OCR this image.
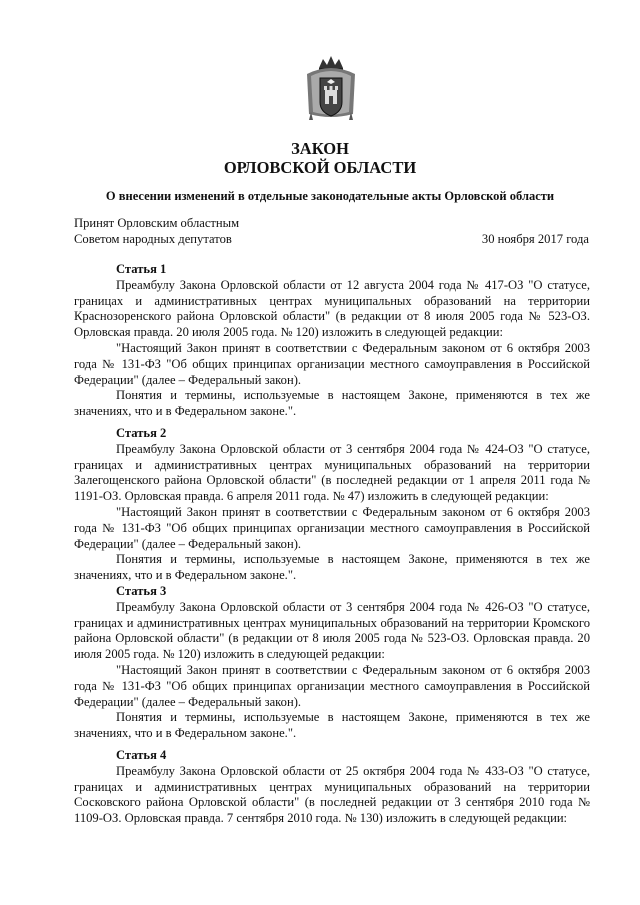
ЗАКОН
ОРЛОВСКОЙ ОБЛАСТИ
О внесении изменений в отдельные законодательные акты Орловской области
Принят Орловским областным
Советом народных депутатов	30 ноября 2017 года
Статья 1

Преамбулу Закона Орловской области от 12 августа 2004 года № 417-ОЗ "О статусе, границах и административных центрах муниципальных образований на территории Краснозоренского района Орловской области" (в редакции от 8 июля 2005 года № 523-ОЗ. Орловская правда. 20 июля 2005 года. № 120) изложить в следующей редакции:

"Настоящий Закон принят в соответствии с Федеральным законом от 6 октября 2003 года № 131-ФЗ "Об общих принципах организации местного самоуправления в Российской Федерации" (далее – Федеральный закон).

Понятия и термины, используемые в настоящем Законе, применяются в тех же значениях, что и в Федеральном законе.".

Статья 2

Преамбулу Закона Орловской области от 3 сентября 2004 года № 424-ОЗ "О статусе, границах и административных центрах муниципальных образований на территории Залегощенского района Орловской области" (в последней редакции от 1 апреля 2011 года № 1191-ОЗ. Орловская правда. 6 апреля 2011 года. № 47) изложить в следующей редакции:

"Настоящий Закон принят в соответствии с Федеральным законом от 6 октября 2003 года № 131-ФЗ "Об общих принципах организации местного самоуправления в Российской Федерации" (далее – Федеральный закон).

Понятия и термины, используемые в настоящем Законе, применяются в тех же значениях, что и в Федеральном законе.".

Статья 3

Преамбулу Закона Орловской области от 3 сентября 2004 года № 426-ОЗ "О статусе, границах и административных центрах муниципальных образований на территории Кромского района Орловской области" (в редакции от 8 июля 2005 года № 523-ОЗ. Орловская правда. 20 июля 2005 года. № 120) изложить в следующей редакции:

"Настоящий Закон принят в соответствии с Федеральным законом от 6 октября 2003 года № 131-ФЗ "Об общих принципах организации местного самоуправления в Российской Федерации" (далее – Федеральный закон).

Понятия и термины, используемые в настоящем Законе, применяются в тех же значениях, что и в Федеральном законе.".

Статья 4

Преамбулу Закона Орловской области от 25 октября 2004 года № 433-ОЗ "О статусе, границах и административных центрах муниципальных образований на территории Сосковского района Орловской области" (в последней редакции от 3 сентября 2010 года № 1109-ОЗ. Орловская правда. 7 сентября 2010 года. № 130) изложить в следующей редакции:
